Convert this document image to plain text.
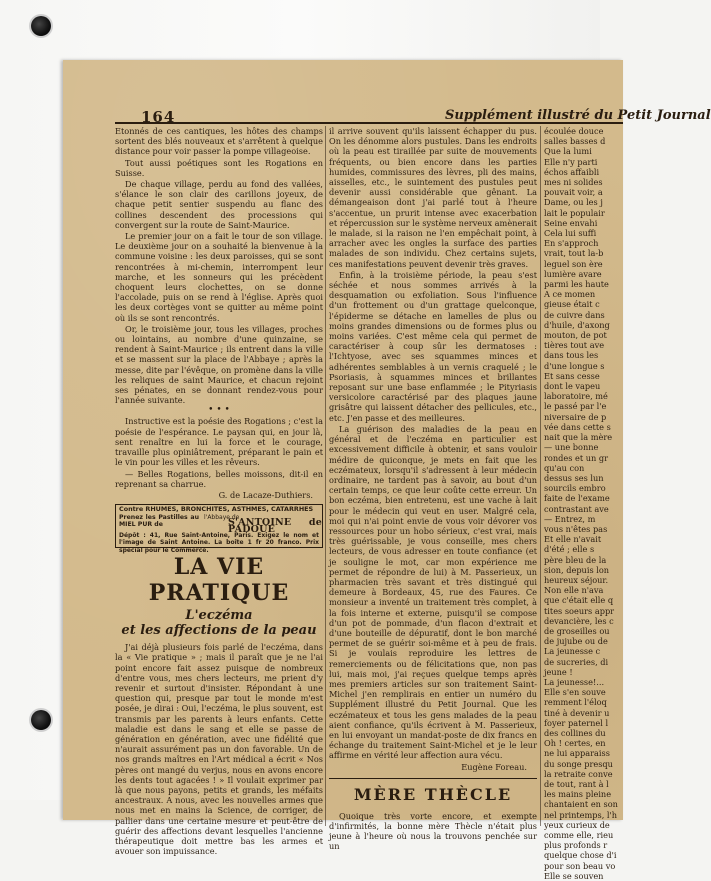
164	Supplément illustré du Petit Journal

Etonnés de ces cantiques, les hôtes des champs sortent des blés nouveaux et s'arrêtent à quelque distance pour voir passer la pompe villageoise.

Tout aussi poétiques sont les Rogations en Suisse.

De chaque village, perdu au fond des vallées, s'élance le son clair des carillons joyeux, de chaque petit sentier suspendu au flanc des collines descendent des processions qui convergent sur la route de Saint-Maurice.

Le premier jour on a fait le tour de son village. Le deuxième jour on a souhaité la bienvenue à la commune voisine : les deux paroisses, qui se sont rencontrées à mi-chemin, interrompent leur marche, et les sonneurs qui les précèdent choquent leurs clochettes, on se donne l'accolade, puis on se rend à l'église. Après quoi les deux cortèges vont se quitter au même point où ils se sont rencontrés.

Or, le troisième jour, tous les villages, proches ou lointains, au nombre d'une quinzaine, se rendent à Saint-Maurice ; ils entrent dans la ville et se massent sur la place de l'Abbaye ; après la messe, dite par l'évêque, on promène dans la ville les reliques de saint Maurice, et chacun rejoint ses pénates, en se donnant rendez-vous pour l'année suivante.

• • •

Instructive est la poésie des Rogations ; c'est la poésie de l'espérance. Le paysan qui, en jour là, sent renaître en lui la force et le courage, travaille plus opiniâtrement, préparant le pain et le vin pour les villes et les rêveurs.

— Belles Rogations, belles moissons, dit-il en reprenant sa charrue.

G. de Lacaze-Duthiers.

Contre RHUMES, BRONCHITES, ASTHMES, CATARRHES
Prenez les Pastilles au MIEL PUR de
l'Abbaye de
S'ANTOINE de PADOUE
Dépôt : 41, Rue Saint-Antoine, Paris. Exigez le nom et l'image de Saint Antoine. La boîte 1 fr 20 franco. Prix spécial pour le Commerce.
LA VIE PRATIQUE
L'eczéma
et les affections de la peau

J'ai déjà plusieurs fois parlé de l'eczéma, dans la « Vie pratique » ; mais il paraît que je ne l'ai point encore fait assez puisque de nombreux d'entre vous, mes chers lecteurs, me prient d'y revenir et surtout d'insister. Répondant à une question qui, presque par tout le monde m'est posée, je dirai : Oui, l'eczéma, le plus souvent, est transmis par les parents à leurs enfants. Cette maladie est dans le sang et elle se passe de génération en génération, avec une fidélité que n'aurait assurément pas un don favorable. Un de nos grands maîtres en l'Art médical a écrit « Nos pères ont mangé du verjus, nous en avons encore les dents tout agacées ! » Il voulait exprimer par là que nous payons, petits et grands, les méfaits ancestraux. A nous, avec les nouvelles armes que nous met en mains la Science, de corriger, de pallier dans une certaine mesure et peut-être de guérir des affections devant lesquelles l'ancienne thérapeutique doit mettre bas les armes et avouer son impuissance.

il arrive souvent qu'ils laissent échapper du pus. On les dénomme alors pustules. Dans les endroits où la peau est tiraillée par suite de mouvements fréquents, ou bien encore dans les parties humides, commissures des lèvres, pli des mains, aisselles, etc., le suintement des pustules peut devenir aussi considérable que gênant. La démangeaison dont j'ai parlé tout à l'heure s'accentue, un prurit intense avec exacerbation et répercussion sur le système nerveux amènerait le malade, si la raison ne l'en empêchait point, à arracher avec les ongles la surface des parties malades de son individu. Chez certains sujets, ces manifestations peuvent devenir très graves.

Enfin, à la troisième période, la peau s'est séchée et nous sommes arrivés à la desquamation ou exfoliation. Sous l'influence d'un frottement ou d'un grattage quelconque, l'épiderme se détache en lamelles de plus ou moins grandes dimensions ou de formes plus ou moins variées. C'est même cela qui permet de caractériser à coup sûr les dermatoses : l'Ichtyose, avec ses squammes minces et adhérentes semblables à un vernis craquelé ; le Psoriasis, à squammes minces et brillantes reposant sur une base enflammée ; le Pityriasis versicolore caractérisé par des plaques jaune grisâtre qui laissent détacher des pellicules, etc., etc. J'en passe et des meilleures.

La guérison des maladies de la peau en général et de l'eczéma en particulier est excessivement difficile à obtenir, et sans vouloir médire de quiconque, je mets en fait que les eczémateux, lorsqu'il s'adressent à leur médecin ordinaire, ne tardent pas à savoir, au bout d'un certain temps, ce que leur coûte cette erreur. Un bon eczéma, bien entretenu, est une vache à lait pour le médecin qui veut en user. Malgré cela, moi qui n'ai point envie de vous voir dévorer vos ressources pour un hobo sérieux, c'est vrai, mais très guérissable, je vous conseille, mes chers lecteurs, de vous adresser en toute confiance (et je souligne le mot, car mon expérience me permet de répondre de lui) à M. Passerieux, un pharmacien très savant et très distingué qui demeure à Bordeaux, 45, rue des Faures. Ce monsieur a inventé un traitement très complet, à la fois interne et externe, puisqu'il se compose d'un pot de pommade, d'un flacon d'extrait et d'une bouteille de dépuratif, dont le bon marché permet de se guérir soi-même et à peu de frais. Si je voulais reproduire les lettres de remerciements ou de félicitations que, non pas lui, mais moi, j'ai reçues quelque temps après mes premiers articles sur son traitement Saint-Michel j'en remplirais en entier un numéro du Supplément illustré du Petit Journal. Que les eczémateux et tous les gens malades de la peau aient confiance, qu'ils écrivent à M. Passerieux, en lui envoyant un mandat-poste de dix francs en échange du traitement Saint-Michel et je le leur affirme en vérité leur affection aura vécu.

Eugène Foreau.

MÈRE THÈCLE

Quoique très vorte encore, et exempte d'infirmités, la bonne mère Thècle n'était plus jeune à l'heure où nous la trouvons penchée sur un

écoulée douce
salles basses d
Que la lumi
Elle n'y parti
échos affaibli
mes ni solides
pouvait voir, a
Dame, ou les j
lait le populair
Seine envahi
Cela lui suffi
En s'approch
vrait, tout la-b
leguel son ère
lumière avare
parmi les haute
A ce momen
gieuse était c
de cuivre dans
d'huile, d'axong
mouton, de pot
tières tout ave
dans tous les
d'une longue s
Et sans cesse
dont le vapeu
laboratoire, mé
le passé par l'e
niversaire de p
vée dans cette s
nait que la mère
— une bonne
rondes et un gr
qu'au con
dessus ses lun
sourcils embro
faite de l'exame
contrastant ave
— Entrez, m
vous n'êtes pas
Et elle n'avait
d'été ; elle s
père bleu de la
sion, depuis lon
heureux séjour.
Non elle n'ava
que c'était elle q
tites soeurs appr
devancière, les c
de groseilles ou
de jujube ou de
La jeunesse c
de sucreries, di
jeune !
La jeunesse!...
Elle s'en souve
remment l'éloq
tiné à devenir u
foyer paternel l
des collines du
Oh ! certes, en
ne lui apparaiss
du songe presqu
la retraite conve
de tout, rant à l
les mains pleine
chantaient en son
nel printemps, l'h
yeux curieux de
comme elle, rieu
plus profonds r
quelque chose d'i
pour son beau vo
Elle se souven
